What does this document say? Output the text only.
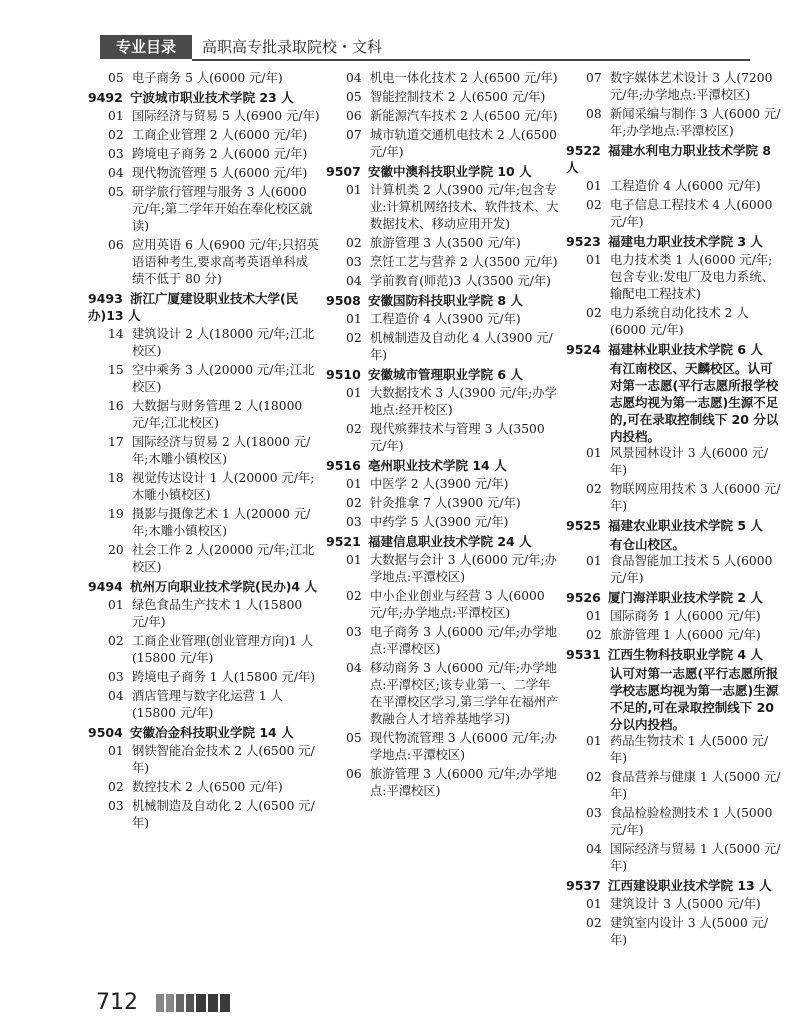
专业目录	高职高专批录取院校・文科
05 电子商务 5 人(6000 元/年)
9492 宁波城市职业技术学院 23 人
01 国际经济与贸易 5 人(6900 元/年)
02 工商企业管理 2 人(6000 元/年)
03 跨境电子商务 2 人(6000 元/年)
04 现代物流管理 5 人(6000 元/年)
05 研学旅行管理与服务 3 人(6000 元/年;第二学年开始在奉化校区就读)
06 应用英语 6 人(6900 元/年;只招英语语种考生,要求高考英语单科成绩不低于 80 分)
9493 浙江广厦建设职业技术大学(民办)13 人
14 建筑设计 2 人(18000 元/年;江北校区)
15 空中乘务 3 人(20000 元/年;江北校区)
16 大数据与财务管理 2 人(18000 元/年;江北校区)
17 国际经济与贸易 2 人(18000 元/年;木雕小镇校区)
18 视觉传达设计 1 人(20000 元/年;木雕小镇校区)
19 摄影与摄像艺术 1 人(20000 元/年;木雕小镇校区)
20 社会工作 2 人(20000 元/年;江北校区)
9494 杭州万向职业技术学院(民办)4 人
01 绿色食品生产技术 1 人(15800 元/年)
02 工商企业管理(创业管理方向)1 人(15800 元/年)
03 跨境电子商务 1 人(15800 元/年)
04 酒店管理与数字化运营 1 人(15800 元/年)
9504 安徽冶金科技职业学院 14 人
01 钢铁智能冶金技术 2 人(6500 元/年)
02 数控技术 2 人(6500 元/年)
03 机械制造及自动化 2 人(6500 元/年)
04 机电一体化技术 2 人(6500 元/年)
05 智能控制技术 2 人(6500 元/年)
06 新能源汽车技术 2 人(6500 元/年)
07 城市轨道交通机电技术 2 人(6500 元/年)
9507 安徽中澳科技职业学院 10 人
01 计算机类 2 人(3900 元/年;包含专业:计算机网络技术、软件技术、大数据技术、移动应用开发)
02 旅游管理 3 人(3500 元/年)
03 烹饪工艺与营养 2 人(3500 元/年)
04 学前教育(师范)3 人(3500 元/年)
9508 安徽国防科技职业学院 8 人
01 工程造价 4 人(3900 元/年)
02 机械制造及自动化 4 人(3900 元/年)
9510 安徽城市管理职业学院 6 人
01 大数据技术 3 人(3900 元/年;办学地点:经开校区)
02 现代殡葬技术与管理 3 人(3500 元/年)
9516 亳州职业技术学院 14 人
01 中医学 2 人(3900 元/年)
02 针灸推拿 7 人(3900 元/年)
03 中药学 5 人(3900 元/年)
9521 福建信息职业技术学院 24 人
01 大数据与会计 3 人(6000 元/年;办学地点:平潭校区)
02 中小企业创业与经营 3 人(6000 元/年;办学地点:平潭校区)
03 电子商务 3 人(6000 元/年;办学地点:平潭校区)
04 移动商务 3 人(6000 元/年;办学地点:平潭校区;该专业第一、二学年在平潭校区学习,第三学年在福州产教融合人才培养基地学习)
05 现代物流管理 3 人(6000 元/年;办学地点:平潭校区)
06 旅游管理 3 人(6000 元/年;办学地点:平潭校区)
07 数字媒体艺术设计 3 人(7200 元/年;办学地点:平潭校区)
08 新闻采编与制作 3 人(6000 元/年;办学地点:平潭校区)
9522 福建水利电力职业技术学院 8 人
01 工程造价 4 人(6000 元/年)
02 电子信息工程技术 4 人(6000 元/年)
9523 福建电力职业技术学院 3 人
01 电力技术类 1 人(6000 元/年;包含专业:发电厂及电力系统、输配电工程技术)
02 电力系统自动化技术 2 人(6000 元/年)
9524 福建林业职业技术学院 6 人
有江南校区、天麟校区。认可对第一志愿(平行志愿所报学校志愿均视为第一志愿)生源不足的,可在录取控制线下 20 分以内投档。
01 风景园林设计 3 人(6000 元/年)
02 物联网应用技术 3 人(6000 元/年)
9525 福建农业职业技术学院 5 人
有仓山校区。
01 食品智能加工技术 5 人(6000 元/年)
9526 厦门海洋职业技术学院 2 人
01 国际商务 1 人(6000 元/年)
02 旅游管理 1 人(6000 元/年)
9531 江西生物科技职业学院 4 人
认可对第一志愿(平行志愿所报学校志愿均视为第一志愿)生源不足的,可在录取控制线下 20 分以内投档。
01 药品生物技术 1 人(5000 元/年)
02 食品营养与健康 1 人(5000 元/年)
03 食品检验检测技术 1 人(5000 元/年)
04 国际经济与贸易 1 人(5000 元/年)
9537 江西建设职业技术学院 13 人
01 建筑设计 3 人(5000 元/年)
02 建筑室内设计 3 人(5000 元/年)
712
